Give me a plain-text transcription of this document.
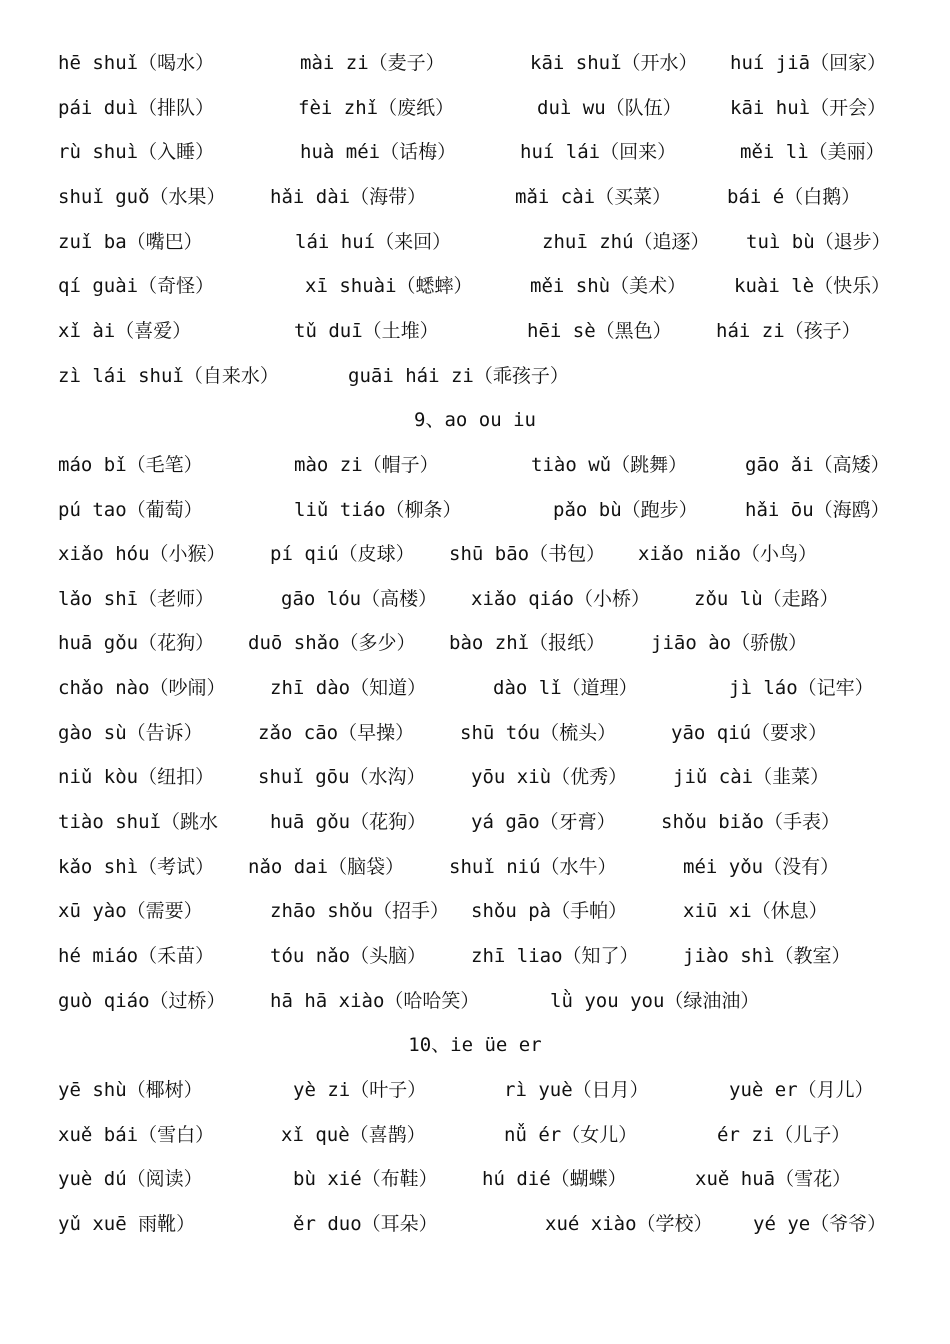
hē shuǐ（喝水）	mài zi（麦子）	kāi shuǐ（开水） huí jiā（回家）
pái duì（排队）	fèi zhǐ（废纸）	duì wu（队伍）	kāi huì（开会）
rù shuì（入睡）	huà méi（话梅）	huí lái（回来）	měi lì（美丽）
shuǐ guǒ（水果） hǎi dài（海带）	mǎi cài（买菜）	bái é（白鹅）
zuǐ ba（嘴巴）	lái huí（来回）	zhuī zhú（追逐） tuì bù（退步）
qí guài（奇怪）	xī shuài（蟋蟀）	měi shù（美术）	kuài lè（快乐）
xǐ ài（喜爱）	tǔ duī（土堆）	hēi sè（黑色） hái zi（孩子）
zì lái shuǐ（自来水）	guāi hái zi（乖孩子）
9、ao ou iu
máo bǐ（毛笔）	mào zi（帽子）	tiào wǔ（跳舞）	gāo ǎi（高矮）
pú tao（葡萄）	liǔ tiáo（柳条）	pǎo bù（跑步） hǎi ōu（海鸥）
xiǎo hóu（小猴） pí qiú（皮球） shū bāo（书包） xiǎo niǎo（小鸟）
lǎo shī（老师）	gāo lóu（高楼） xiǎo qiáo（小桥） zǒu lù（走路）
huā gǒu（花狗） duō shǎo（多少） bào zhǐ（报纸） jiāo ào（骄傲）
chǎo nào（吵闹） zhī dào（知道）	dào lǐ（道理）	jì láo（记牢）
gào sù（告诉）	zǎo cāo（早操） shū tóu（梳头）	yāo qiú（要求）
niǔ kòu（纽扣） shuǐ gōu（水沟） yōu xiù（优秀） jiǔ cài（韭菜）
tiào shuǐ（跳水	huā gǒu（花狗） yá gāo（牙膏） shǒu biǎo（手表）
kǎo shì（考试） nǎo dai（脑袋） shuǐ niú（水牛）	méi yǒu（没有）
xū yào（需要）	zhāo shǒu（招手） shǒu pà（手帕）	xiū xi（休息）
hé miáo（禾苗）	tóu nǎo（头脑） zhī liao（知了） jiào shì（教室）
guò qiáo（过桥） hā hā xiào（哈哈笑）	lǜ you you（绿油油）
10、ie üe er
yē shù（椰树）	yè zi（叶子）	rì yuè（日月）	yuè er（月儿）
xuě bái（雪白）	xǐ què（喜鹊）	nǚ ér（女儿）	ér zi（儿子）
yuè dú（阅读）	bù xié（布鞋） hú dié（蝴蝶）	xuě huā（雪花）
yǔ xuē 雨靴）	ěr duo（耳朵）	xué xiào（学校） yé ye（爷爷）
